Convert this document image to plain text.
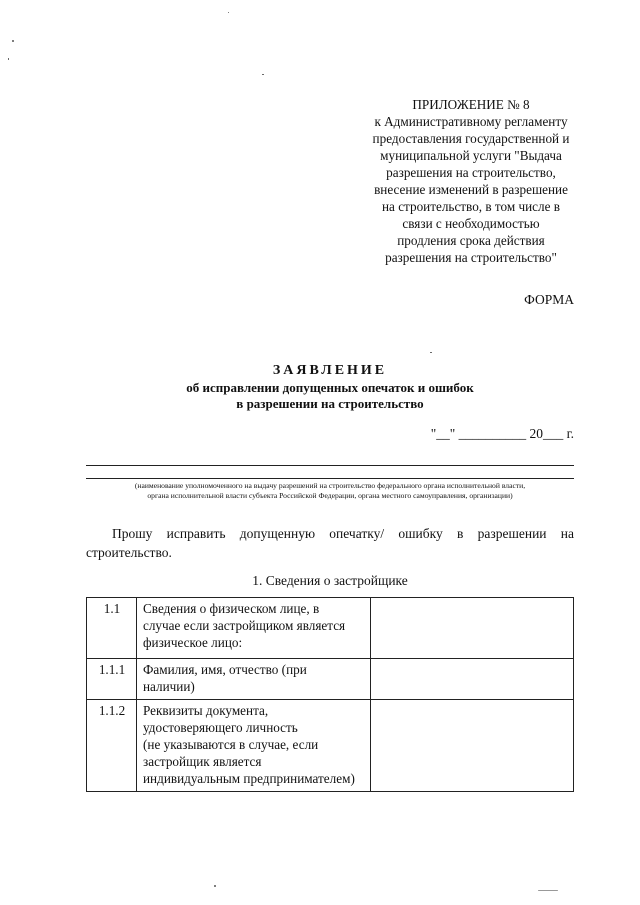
ПРИЛОЖЕНИЕ № 8
к Административному регламенту
предоставления государственной и
муниципальной услуги "Выдача
разрешения на строительство,
внесение изменений в разрешение
на строительство, в том числе в
связи с необходимостью
продления срока действия
разрешения на строительство"
ФОРМА
ЗАЯВЛЕНИЕ
об исправлении допущенных опечаток и ошибок
в разрешении на строительство
"__" __________ 20___ г.
(наименование уполномоченного на выдачу разрешений на строительство федерального органа исполнительной власти,
органа исполнительной власти субъекта Российской Федерации, органа местного самоуправления, организации)
Прошу исправить допущенную опечатку/ ошибку в разрешении на
строительство.
1. Сведения о застройщике
1.1	Сведения о физическом лице, в
случае если застройщиком является
физическое лицо:	

1.1.1	Фамилия, имя, отчество (при
наличии)	

1.1.2	Реквизиты документа,
удостоверяющего личность
(не указываются в случае, если
застройщик является
индивидуальным предпринимателем)	
